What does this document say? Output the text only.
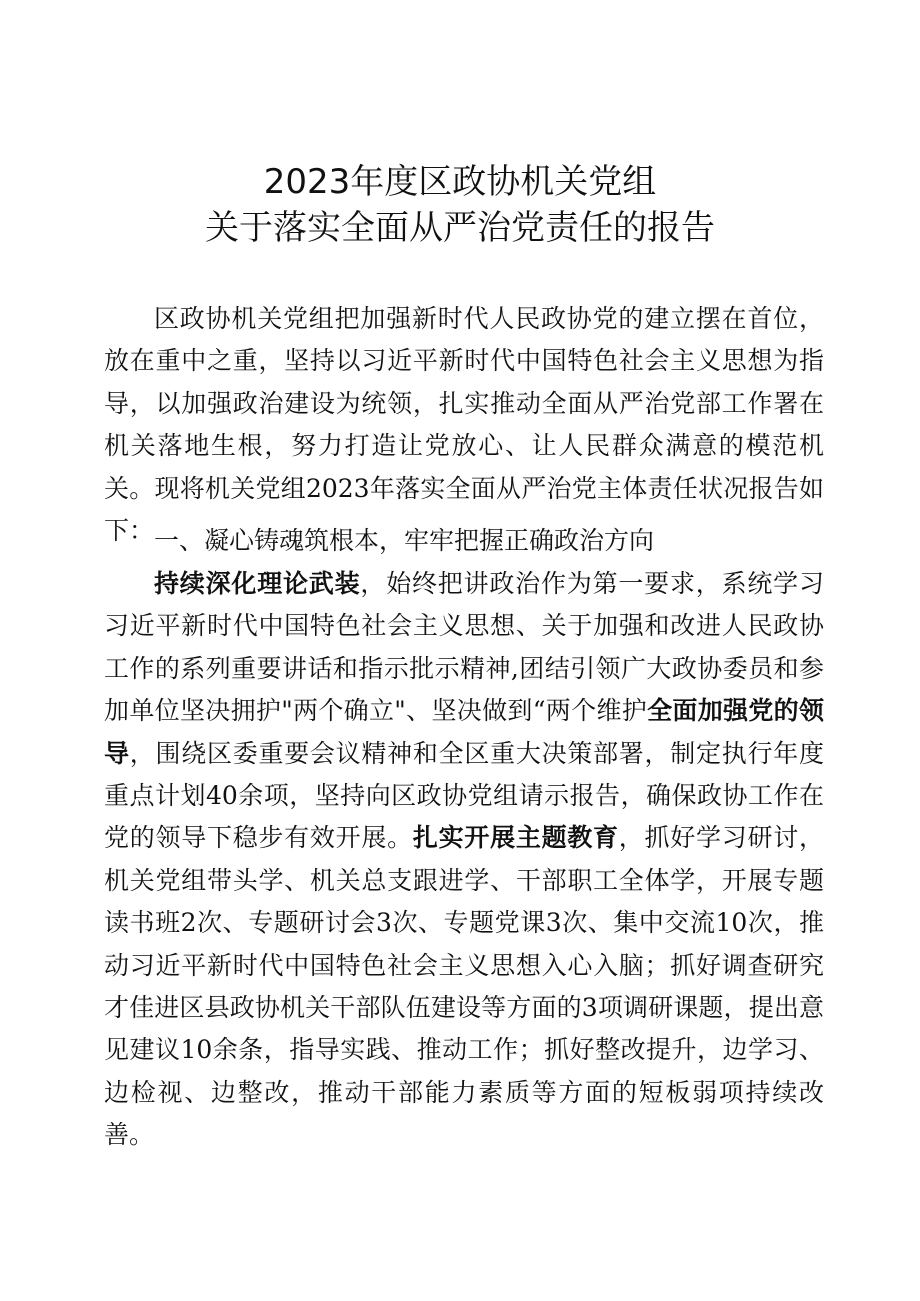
2023年度区政协机关党组
关于落实全面从严治党责任的报告
区政协机关党组把加强新时代人民政协党的建立摆在首位，放在重中之重，坚持以习近平新时代中国特色社会主义思想为指导，以加强政治建设为统领，扎实推动全面从严治党部工作署在机关落地生根，努力打造让党放心、让人民群众满意的模范机关。现将机关党组2023年落实全面从严治党主体责任状况报告如下： 一、凝心铸魂筑根本，牢牢把握正确政治方向
持续深化理论武装，始终把讲政治作为第一要求，系统学习习近平新时代中国特色社会主义思想、关于加强和改进人民政协工作的系列重要讲话和指示批示精神,团结引领广大政协委员和参加单位坚决拥护"两个确立"、坚决做到“两个维护全面加强党的领导，围绕区委重要会议精神和全区重大决策部署，制定执行年度重点计划40余项，坚持向区政协党组请示报告，确保政协工作在党的领导下稳步有效开展。扎实开展主题教育，抓好学习研讨，机关党组带头学、机关总支跟进学、干部职工全体学，开展专题读书班2次、专题研讨会3次、专题党课3次、集中交流10次，推动习近平新时代中国特色社会主义思想入心入脑；抓好调查研究才佳进区县政协机关干部队伍建设等方面的3项调研课题，提出意见建议10余条，指导实践、推动工作；抓好整改提升，边学习、边检视、边整改，推动干部能力素质等方面的短板弱项持续改善。
